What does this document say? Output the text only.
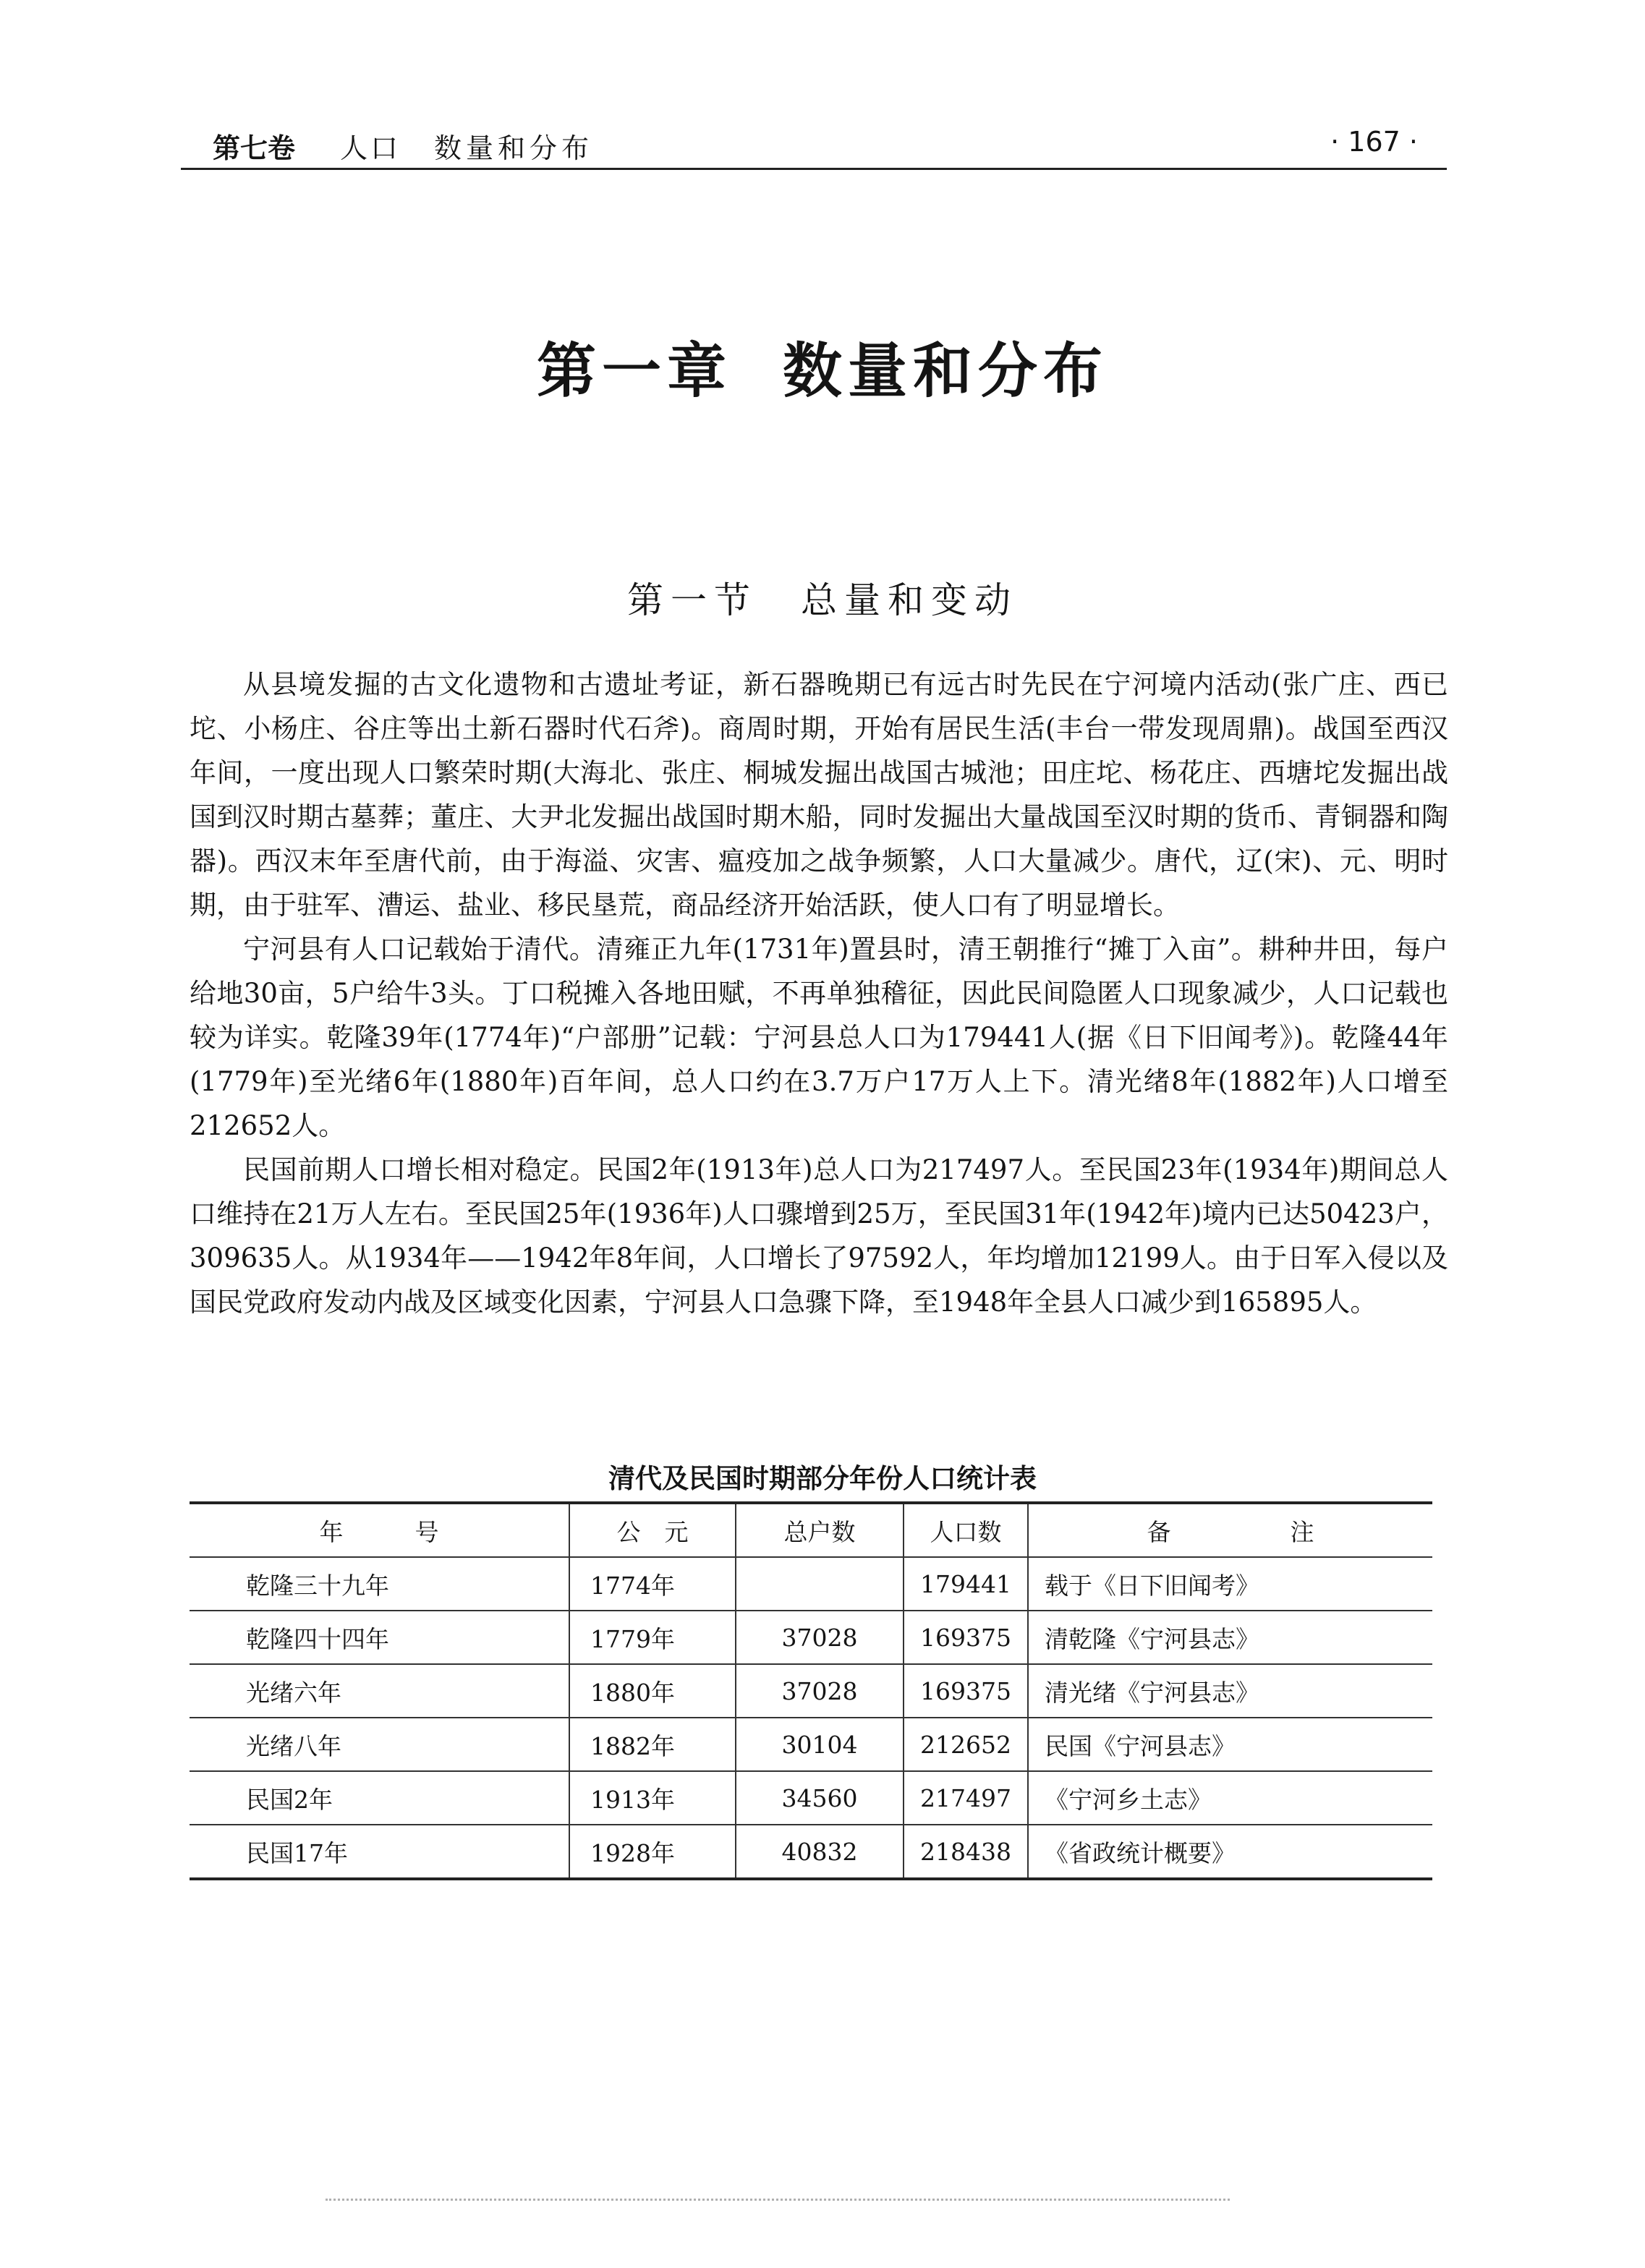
第七卷 人口 数量和分布	· 167 ·
第一章 数量和分布
第一节 总量和变动

从县境发掘的古文化遗物和古遗址考证，新石器晚期已有远古时先民在宁河境内活动(张广庄、西已坨、小杨庄、谷庄等出土新石器时代石斧)。商周时期，开始有居民生活(丰台一带发现周鼎)。战国至西汉年间，一度出现人口繁荣时期(大海北、张庄、桐城发掘出战国古城池；田庄坨、杨花庄、西塘坨发掘出战国到汉时期古墓葬；董庄、大尹北发掘出战国时期木船，同时发掘出大量战国至汉时期的货币、青铜器和陶器)。西汉末年至唐代前，由于海溢、灾害、瘟疫加之战争频繁，人口大量减少。唐代，辽(宋)、元、明时期，由于驻军、漕运、盐业、移民垦荒，商品经济开始活跃，使人口有了明显增长。

宁河县有人口记载始于清代。清雍正九年(1731年)置县时，清王朝推行“摊丁入亩”。耕种井田，每户给地30亩，5户给牛3头。丁口税摊入各地田赋，不再单独稽征，因此民间隐匿人口现象减少，人口记载也较为详实。乾隆39年(1774年)“户部册”记载：宁河县总人口为179441人(据《日下旧闻考》)。乾隆44年(1779年)至光绪6年(1880年)百年间，总人口约在3.7万户17万人上下。清光绪8年(1882年)人口增至212652人。

民国前期人口增长相对稳定。民国2年(1913年)总人口为217497人。至民国23年(1934年)期间总人口维持在21万人左右。至民国25年(1936年)人口骤增到25万，至民国31年(1942年)境内已达50423户，309635人。从1934年——1942年8年间，人口增长了97592人，年均增加12199人。由于日军入侵以及国民党政府发动内战及区域变化因素，宁河县人口急骤下降，至1948年全县人口减少到165895人。

清代及民国时期部分年份人口统计表
年　　　号	公　元	总户数	人口数	备　　　　　注
乾隆三十九年	1774年		179441	载于《日下旧闻考》
乾隆四十四年	1779年	37028	169375	清乾隆《宁河县志》
光绪六年	1880年	37028	169375	清光绪《宁河县志》
光绪八年	1882年	30104	212652	民国《宁河县志》
民国2年	1913年	34560	217497	《宁河乡土志》
民国17年	1928年	40832	218438	《省政统计概要》
